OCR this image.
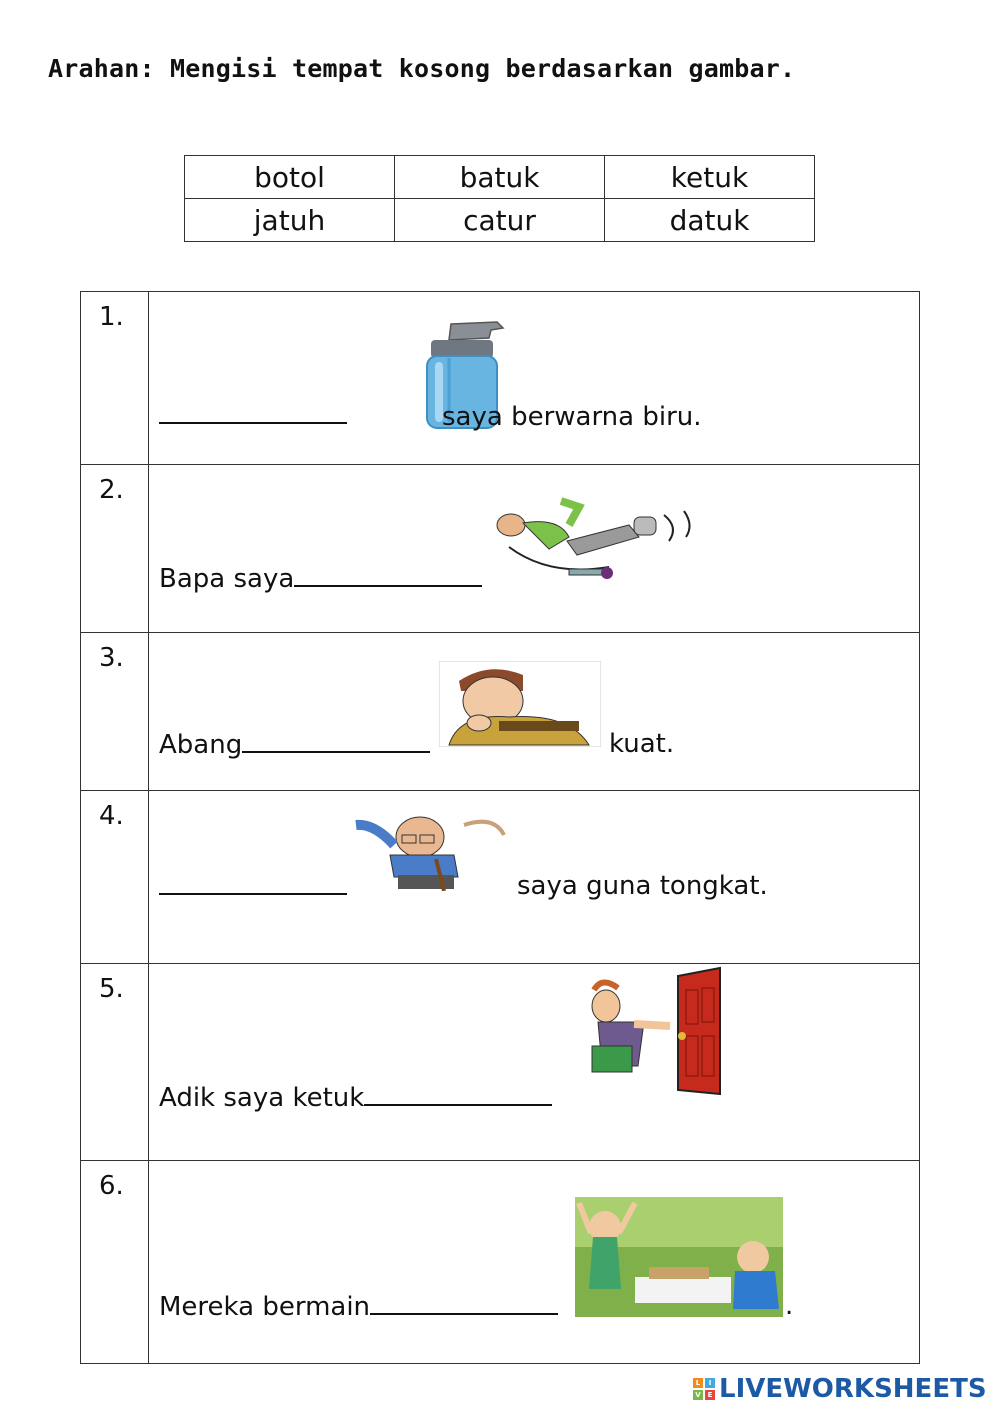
Arahan: Mengisi tempat kosong berdasarkan gambar.
botol	batuk	ketuk
jatuh	catur	datuk
1.	saya berwarna biru.

2.	Bapa saya

3.	Abang kuat.

4.	saya guna tongkat.

5.	Adik saya ketuk

6.	Mereka bermain .
L	I
V E LIVEWORKSHEETS
